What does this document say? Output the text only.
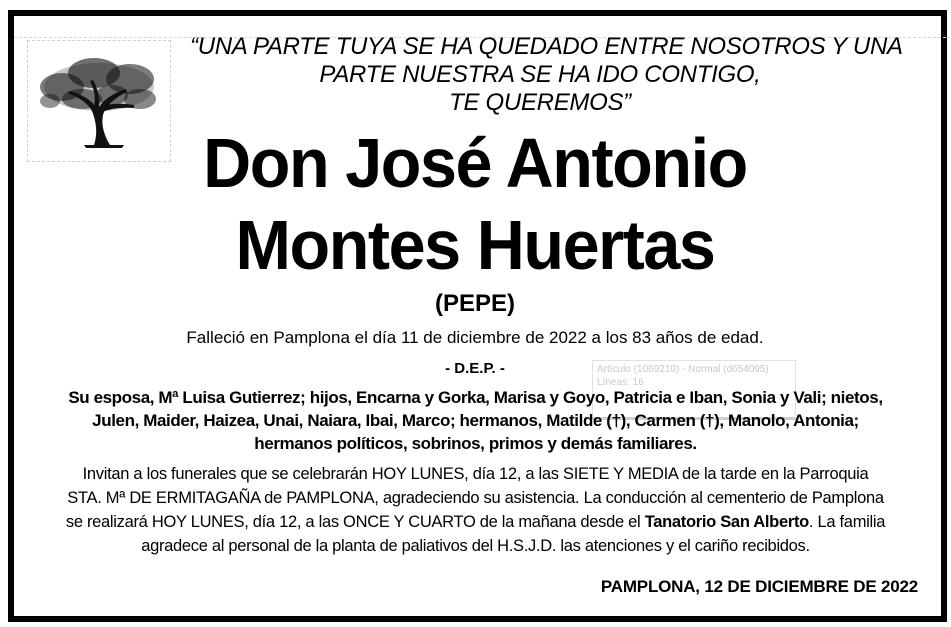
“UNA PARTE TUYA SE HA QUEDADO ENTRE NOSOTROS Y UNA
PARTE NUESTRA SE HA IDO CONTIGO,
TE QUEREMOS”
Don José Antonio
Montes Huertas
(PEPE)
Falleció en Pamplona el día 11 de diciembre de 2022 a los 83 años de edad.
- D.E.P. -	Artículo (1069210) - Normal (d654095)
Líneas: 16
Su esposa, Mª Luisa Gutierrez; hijos, Encarna y Gorka, Marisa y Goyo, Patricia e Iban, Sonia y Vali; nietos,
Julen, Maider, Haizea, Unai, Naiara, Ibai, Marco; hermanos, Matilde (†), Carmen (†), Manolo, Antonia;
hermanos políticos, sobrinos, primos y demás familiares.
Invitan a los funerales que se celebrarán HOY LUNES, día 12, a las SIETE Y MEDIA de la tarde en la Parroquia
STA. Mª DE ERMITAGAÑA de PAMPLONA, agradeciendo su asistencia. La conducción al cementerio de Pamplona
se realizará HOY LUNES, día 12, a las ONCE Y CUARTO de la mañana desde el Tanatorio San Alberto. La familia
agradece al personal de la planta de paliativos del H.S.J.D. las atenciones y el cariño recibidos.
PAMPLONA, 12 DE DICIEMBRE DE 2022
